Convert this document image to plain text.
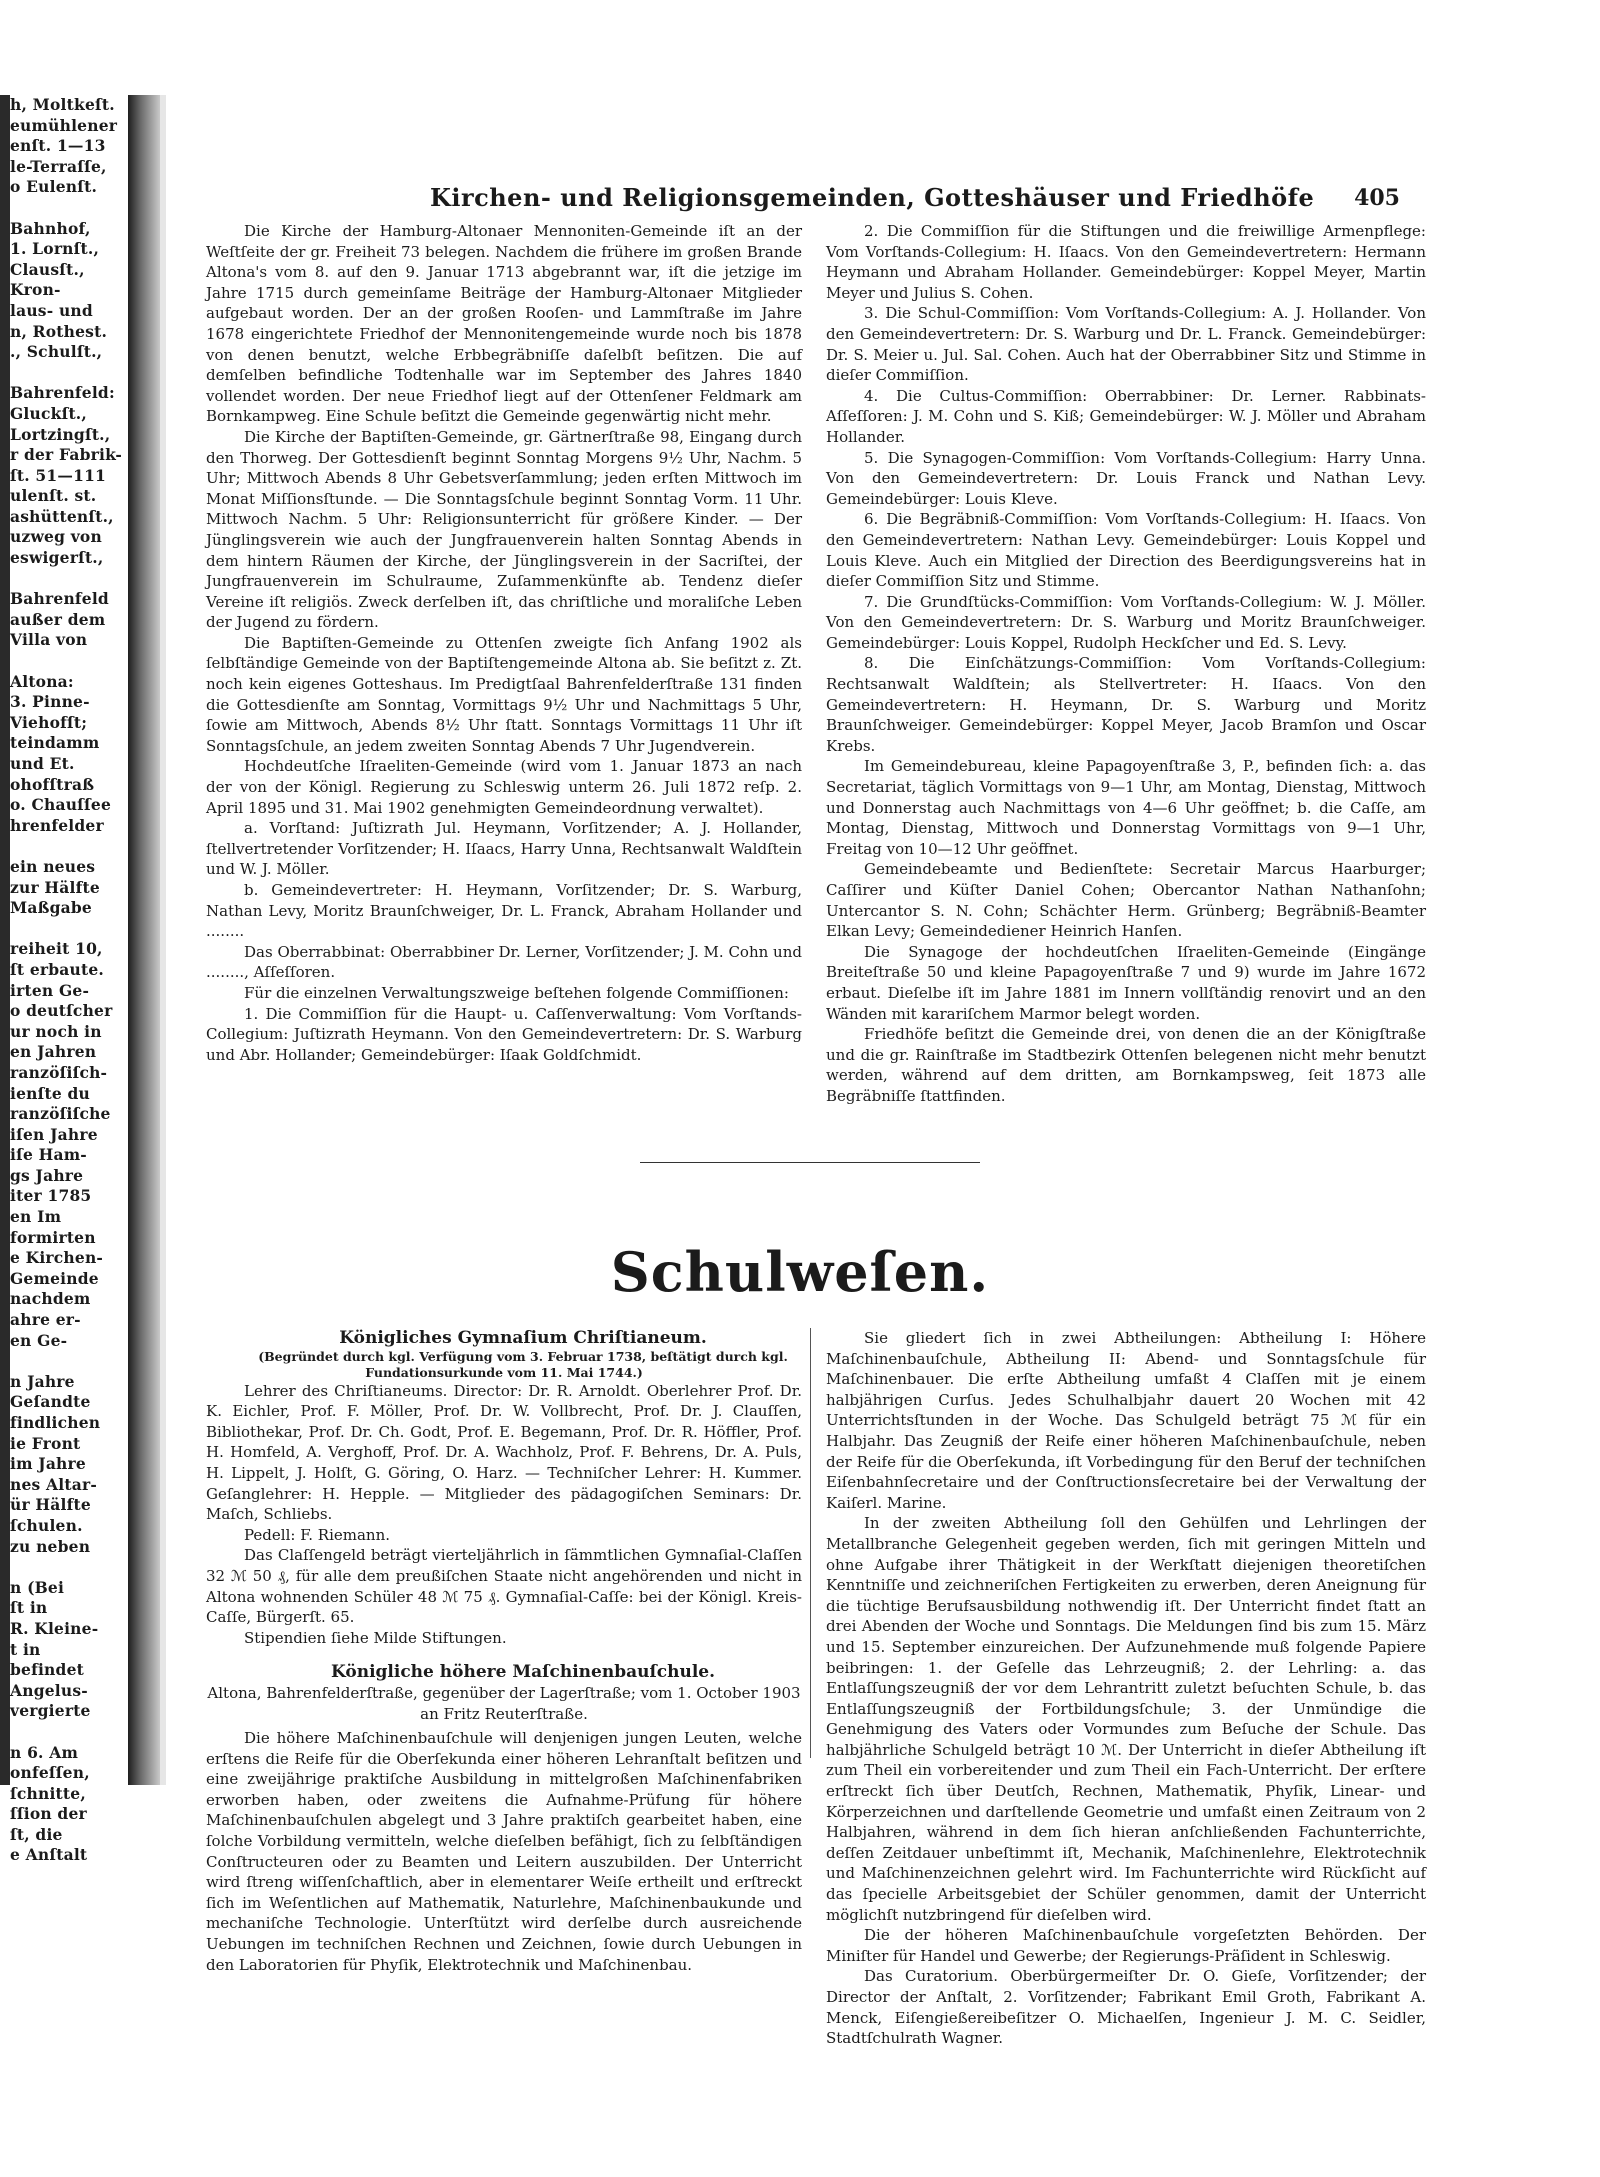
h, Moltkeſt.
eumühlener
enſt. 1—13
le-Terraſſe,
o Eulenſt.

Bahnhof,
1. Lornſt.,
Clausſt.,
Kron-
laus- und
n, Rothest.
., Schulſt.,

Bahrenfeld:
Gluckſt.,
Lortzingſt.,
r der Fabrik-
ſt. 51—111
ulenſt. st.
ashüttenſt.,
uzweg von
eswigerſt.,

Bahrenfeld
außer dem
Villa von

Altona:
3. Pinne-
Viehofſt;
teindamm
und Et.
ohofſtraß
o. Chauſſee
hrenfelder

ein neues
zur Hälfte
Maßgabe

reiheit 10,
ſt erbaute.
irten Ge-
o deutſcher
ur noch in
en Jahren
ranzöſiſch-
ienſte du
ranzöſiſche
iſen Jahre
iſe Ham-
gs Jahre
iter 1785
en Im
formirten
e Kirchen-
Gemeinde
nachdem
ahre er-
en Ge-

n Jahre
Geſandte
findlichen
ie Front
im Jahre
nes Altar-
ür Hälfte
ſchulen.
zu neben

n (Bei
ſt in
R. Kleine-
t in
befindet
Angelus-
vergierte

n 6. Am
onfeſſen,
ſchnitte,
ſſion der
ſt, die
e Anſtalt
Kirchen- und Religionsgemeinden, Gotteshäuser und Friedhöfe 405

Die Kirche der Hamburg-Altonaer Mennoniten-Gemeinde iſt an der Weſtſeite der gr. Freiheit 73 belegen. Nachdem die frühere im großen Brande Altona's vom 8. auf den 9. Januar 1713 abgebrannt war, iſt die jetzige im Jahre 1715 durch gemeinſame Beiträge der Hamburg-Altonaer Mitglieder aufgebaut worden. Der an der großen Rooſen- und Lammſtraße im Jahre 1678 eingerichtete Friedhof der Mennonitengemeinde wurde noch bis 1878 von denen benutzt, welche Erbbegräbniſſe daſelbſt beſitzen. Die auf demſelben befindliche Todtenhalle war im September des Jahres 1840 vollendet worden. Der neue Friedhof liegt auf der Ottenſener Feldmark am Bornkampweg. Eine Schule beſitzt die Gemeinde gegenwärtig nicht mehr.

Die Kirche der Baptiſten-Gemeinde, gr. Gärtnerſtraße 98, Eingang durch den Thorweg. Der Gottesdienſt beginnt Sonntag Morgens 9½ Uhr, Nachm. 5 Uhr; Mittwoch Abends 8 Uhr Gebetsverſammlung; jeden erſten Mittwoch im Monat Miſſionsſtunde. — Die Sonntagsſchule beginnt Sonntag Vorm. 11 Uhr. Mittwoch Nachm. 5 Uhr: Religionsunterricht für größere Kinder. — Der Jünglingsverein wie auch der Jungfrauenverein halten Sonntag Abends in dem hintern Räumen der Kirche, der Jünglingsverein in der Sacriſtei, der Jungfrauenverein im Schulraume, Zuſammenkünfte ab. Tendenz dieſer Vereine iſt religiös. Zweck derſelben iſt, das chriſtliche und moraliſche Leben der Jugend zu fördern.

Die Baptiſten-Gemeinde zu Ottenſen zweigte ſich Anfang 1902 als ſelbſtändige Gemeinde von der Baptiſtengemeinde Altona ab. Sie beſitzt z. Zt. noch kein eigenes Gotteshaus. Im Predigtſaal Bahrenfelderſtraße 131 finden die Gottesdienſte am Sonntag, Vormittags 9½ Uhr und Nachmittags 5 Uhr, ſowie am Mittwoch, Abends 8½ Uhr ſtatt. Sonntags Vormittags 11 Uhr iſt Sonntagsſchule, an jedem zweiten Sonntag Abends 7 Uhr Jugendverein.

Hochdeutſche Iſraeliten-Gemeinde (wird vom 1. Januar 1873 an nach der von der Königl. Regierung zu Schleswig unterm 26. Juli 1872 reſp. 2. April 1895 und 31. Mai 1902 genehmigten Gemeindeordnung verwaltet).

a. Vorſtand: Juſtizrath Jul. Heymann, Vorſitzender; A. J. Hollander, ſtellvertretender Vorſitzender; H. Iſaacs, Harry Unna, Rechtsanwalt Waldſtein und W. J. Möller.

b. Gemeindevertreter: H. Heymann, Vorſitzender; Dr. S. Warburg, Nathan Levy, Moritz Braunſchweiger, Dr. L. Franck, Abraham Hollander und ........

Das Oberrabbinat: Oberrabbiner Dr. Lerner, Vorſitzender; J. M. Cohn und ........, Aſſeſſoren.

Für die einzelnen Verwaltungszweige beſtehen folgende Commiſſionen:

1. Die Commiſſion für die Haupt- u. Caſſenverwaltung: Vom Vorſtands-Collegium: Juſtizrath Heymann. Von den Gemeindevertretern: Dr. S. Warburg und Abr. Hollander; Gemeindebürger: Iſaak Goldſchmidt.

2. Die Commiſſion für die Stiftungen und die freiwillige Armenpflege: Vom Vorſtands-Collegium: H. Iſaacs. Von den Gemeindevertretern: Hermann Heymann und Abraham Hollander. Gemeindebürger: Koppel Meyer, Martin Meyer und Julius S. Cohen.

3. Die Schul-Commiſſion: Vom Vorſtands-Collegium: A. J. Hollander. Von den Gemeindevertretern: Dr. S. Warburg und Dr. L. Franck. Gemeindebürger: Dr. S. Meier u. Jul. Sal. Cohen. Auch hat der Oberrabbiner Sitz und Stimme in dieſer Commiſſion.

4. Die Cultus-Commiſſion: Oberrabbiner: Dr. Lerner. Rabbinats-Aſſeſſoren: J. M. Cohn und S. Kiß; Gemeindebürger: W. J. Möller und Abraham Hollander.

5. Die Synagogen-Commiſſion: Vom Vorſtands-Collegium: Harry Unna. Von den Gemeindevertretern: Dr. Louis Franck und Nathan Levy. Gemeindebürger: Louis Kleve.

6. Die Begräbniß-Commiſſion: Vom Vorſtands-Collegium: H. Iſaacs. Von den Gemeindevertretern: Nathan Levy. Gemeindebürger: Louis Koppel und Louis Kleve. Auch ein Mitglied der Direction des Beerdigungsvereins hat in dieſer Commiſſion Sitz und Stimme.

7. Die Grundſtücks-Commiſſion: Vom Vorſtands-Collegium: W. J. Möller. Von den Gemeindevertretern: Dr. S. Warburg und Moritz Braunſchweiger. Gemeindebürger: Louis Koppel, Rudolph Heckſcher und Ed. S. Levy.

8. Die Einſchätzungs-Commiſſion: Vom Vorſtands-Collegium: Rechtsanwalt Waldſtein; als Stellvertreter: H. Iſaacs. Von den Gemeindevertretern: H. Heymann, Dr. S. Warburg und Moritz Braunſchweiger. Gemeindebürger: Koppel Meyer, Jacob Bramſon und Oscar Krebs.

Im Gemeindebureau, kleine Papagoyenſtraße 3, P., befinden ſich: a. das Secretariat, täglich Vormittags von 9—1 Uhr, am Montag, Dienstag, Mittwoch und Donnerstag auch Nachmittags von 4—6 Uhr geöffnet; b. die Caſſe, am Montag, Dienstag, Mittwoch und Donnerstag Vormittags von 9—1 Uhr, Freitag von 10—12 Uhr geöffnet.

Gemeindebeamte und Bedienſtete: Secretair Marcus Haarburger; Caſſirer und Küſter Daniel Cohen; Obercantor Nathan Nathanſohn; Untercantor S. N. Cohn; Schächter Herm. Grünberg; Begräbniß-Beamter Elkan Levy; Gemeindediener Heinrich Hanſen.

Die Synagoge der hochdeutſchen Iſraeliten-Gemeinde (Eingänge Breiteſtraße 50 und kleine Papagoyenſtraße 7 und 9) wurde im Jahre 1672 erbaut. Dieſelbe iſt im Jahre 1881 im Innern vollſtändig renovirt und an den Wänden mit karariſchem Marmor belegt worden.

Friedhöfe beſitzt die Gemeinde drei, von denen die an der Königſtraße und die gr. Rainſtraße im Stadtbezirk Ottenſen belegenen nicht mehr benutzt werden, während auf dem dritten, am Bornkampsweg, ſeit 1873 alle Begräbniſſe ſtattfinden.

Schulweſen.

Königliches Gymnaſium Chriſtianeum.

(Begründet durch kgl. Verfügung vom 3. Februar 1738, beſtätigt durch kgl. Fundationsurkunde vom 11. Mai 1744.)

Lehrer des Chriſtianeums. Director: Dr. R. Arnoldt. Oberlehrer Prof. Dr. K. Eichler, Prof. F. Möller, Prof. Dr. W. Vollbrecht, Prof. Dr. J. Clauſſen, Bibliothekar, Prof. Dr. Ch. Godt, Prof. E. Begemann, Prof. Dr. R. Höffler, Prof. H. Homfeld, A. Verghoff, Prof. Dr. A. Wachholz, Prof. F. Behrens, Dr. A. Puls, H. Lippelt, J. Holſt, G. Göring, O. Harz. — Techniſcher Lehrer: H. Kummer. Geſanglehrer: H. Hepple. — Mitglieder des pädagogiſchen Seminars: Dr. Maſch, Schliebs.

Pedell: F. Riemann.

Das Claſſengeld beträgt vierteljährlich in ſämmtlichen Gymnaſial-Claſſen 32 ℳ 50 ₰, für alle dem preußiſchen Staate nicht angehörenden und nicht in Altona wohnenden Schüler 48 ℳ 75 ₰. Gymnaſial-Caſſe: bei der Königl. Kreis-Caſſe, Bürgerſt. 65.

Stipendien ſiehe Milde Stiftungen.

Königliche höhere Maſchinenbauſchule.

Altona, Bahrenfelderſtraße, gegenüber der Lagerſtraße; vom 1. October 1903 an Fritz Reuterſtraße.

Die höhere Maſchinenbauſchule will denjenigen jungen Leuten, welche erſtens die Reife für die Oberſekunda einer höheren Lehranſtalt beſitzen und eine zweijährige praktiſche Ausbildung in mittelgroßen Maſchinenfabriken erworben haben, oder zweitens die Aufnahme-Prüfung für höhere Maſchinenbauſchulen abgelegt und 3 Jahre praktiſch gearbeitet haben, eine ſolche Vorbildung vermitteln, welche dieſelben befähigt, ſich zu ſelbſtändigen Conſtructeuren oder zu Beamten und Leitern auszubilden. Der Unterricht wird ſtreng wiſſenſchaftlich, aber in elementarer Weiſe ertheilt und erſtreckt ſich im Weſentlichen auf Mathematik, Naturlehre, Maſchinenbaukunde und mechaniſche Technologie. Unterſtützt wird derſelbe durch ausreichende Uebungen im techniſchen Rechnen und Zeichnen, ſowie durch Uebungen in den Laboratorien für Phyſik, Elektrotechnik und Maſchinenbau.

Sie gliedert ſich in zwei Abtheilungen: Abtheilung I: Höhere Maſchinenbauſchule, Abtheilung II: Abend- und Sonntagsſchule für Maſchinenbauer. Die erſte Abtheilung umfaßt 4 Claſſen mit je einem halbjährigen Curſus. Jedes Schulhalbjahr dauert 20 Wochen mit 42 Unterrichtsſtunden in der Woche. Das Schulgeld beträgt 75 ℳ für ein Halbjahr. Das Zeugniß der Reife einer höheren Maſchinenbauſchule, neben der Reife für die Oberſekunda, iſt Vorbedingung für den Beruf der techniſchen Eiſenbahnſecretaire und der Conſtructionsſecretaire bei der Verwaltung der Kaiſerl. Marine.

In der zweiten Abtheilung ſoll den Gehülfen und Lehrlingen der Metallbranche Gelegenheit gegeben werden, ſich mit geringen Mitteln und ohne Aufgabe ihrer Thätigkeit in der Werkſtatt diejenigen theoretiſchen Kenntniſſe und zeichneriſchen Fertigkeiten zu erwerben, deren Aneignung für die tüchtige Berufsausbildung nothwendig iſt. Der Unterricht findet ſtatt an drei Abenden der Woche und Sonntags. Die Meldungen ſind bis zum 15. März und 15. September einzureichen. Der Aufzunehmende muß folgende Papiere beibringen: 1. der Geſelle das Lehrzeugniß; 2. der Lehrling: a. das Entlaſſungszeugniß der vor dem Lehrantritt zuletzt beſuchten Schule, b. das Entlaſſungszeugniß der Fortbildungsſchule; 3. der Unmündige die Genehmigung des Vaters oder Vormundes zum Beſuche der Schule. Das halbjährliche Schulgeld beträgt 10 ℳ. Der Unterricht in dieſer Abtheilung iſt zum Theil ein vorbereitender und zum Theil ein Fach-Unterricht. Der erſtere erſtreckt ſich über Deutſch, Rechnen, Mathematik, Phyſik, Linear- und Körperzeichnen und darſtellende Geometrie und umfaßt einen Zeitraum von 2 Halbjahren, während in dem ſich hieran anſchließenden Fachunterrichte, deſſen Zeitdauer unbeſtimmt iſt, Mechanik, Maſchinenlehre, Elektrotechnik und Maſchinenzeichnen gelehrt wird. Im Fachunterrichte wird Rückſicht auf das ſpecielle Arbeitsgebiet der Schüler genommen, damit der Unterricht möglichſt nutzbringend für dieſelben wird.

Die der höheren Maſchinenbauſchule vorgeſetzten Behörden. Der Miniſter für Handel und Gewerbe; der Regierungs-Präſident in Schleswig.

Das Curatorium. Oberbürgermeiſter Dr. O. Gieſe, Vorſitzender; der Director der Anſtalt, 2. Vorſitzender; Fabrikant Emil Groth, Fabrikant A. Menck, Eiſengießereibeſitzer O. Michaelſen, Ingenieur J. M. C. Seidler, Stadtſchulrath Wagner.
